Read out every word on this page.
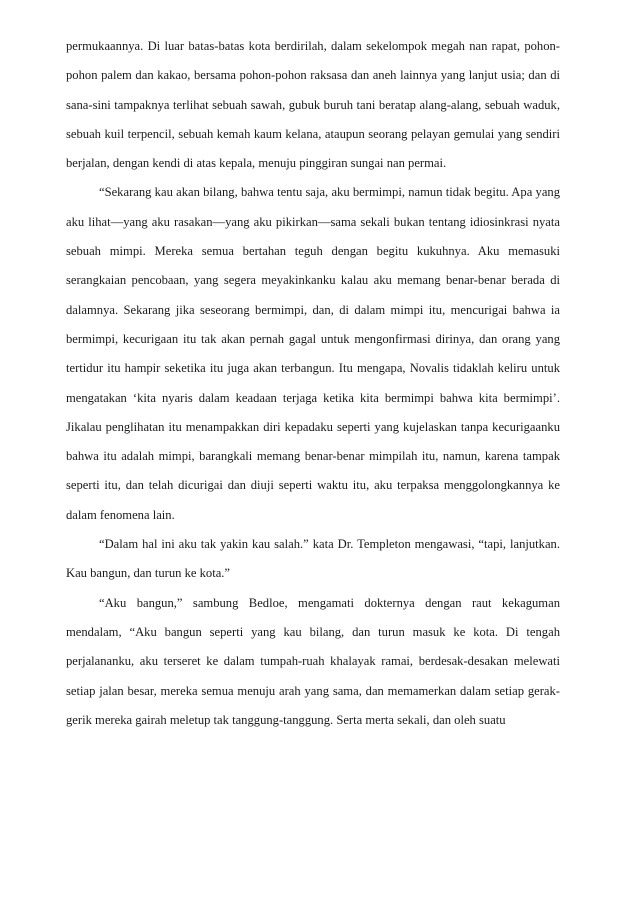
permukaannya. Di luar batas-batas kota berdirilah, dalam sekelompok megah nan rapat, pohon-pohon palem dan kakao, bersama pohon-pohon raksasa dan aneh lainnya yang lanjut usia; dan di sana-sini tampaknya terlihat sebuah sawah, gubuk buruh tani beratap alang-alang, sebuah waduk, sebuah kuil terpencil, sebuah kemah kaum kelana, ataupun seorang pelayan gemulai yang sendiri berjalan, dengan kendi di atas kepala, menuju pinggiran sungai nan permai.

“Sekarang kau akan bilang, bahwa tentu saja, aku bermimpi, namun tidak begitu. Apa yang aku lihat—yang aku rasakan—yang aku pikirkan—sama sekali bukan tentang idiosinkrasi nyata sebuah mimpi. Mereka semua bertahan teguh dengan begitu kukuhnya. Aku memasuki serangkaian pencobaan, yang segera meyakinkanku kalau aku memang benar-benar berada di dalamnya. Sekarang jika seseorang bermimpi, dan, di dalam mimpi itu, mencurigai bahwa ia bermimpi, kecurigaan itu tak akan pernah gagal untuk mengonfirmasi dirinya, dan orang yang tertidur itu hampir seketika itu juga akan terbangun. Itu mengapa, Novalis tidaklah keliru untuk mengatakan ‘kita nyaris dalam keadaan terjaga ketika kita bermimpi bahwa kita bermimpi’. Jikalau penglihatan itu menampakkan diri kepadaku seperti yang kujelaskan tanpa kecurigaanku bahwa itu adalah mimpi, barangkali memang benar-benar mimpilah itu, namun, karena tampak seperti itu, dan telah dicurigai dan diuji seperti waktu itu, aku terpaksa menggolongkannya ke dalam fenomena lain.

“Dalam hal ini aku tak yakin kau salah.” kata Dr. Templeton mengawasi, “tapi, lanjutkan. Kau bangun, dan turun ke kota.”

“Aku bangun,” sambung Bedloe, mengamati dokternya dengan raut kekaguman mendalam, “Aku bangun seperti yang kau bilang, dan turun masuk ke kota. Di tengah perjalananku, aku terseret ke dalam tumpah-ruah khalayak ramai, berdesak-desakan melewati setiap jalan besar, mereka semua menuju arah yang sama, dan memamerkan dalam setiap gerak-gerik mereka gairah meletup tak tanggung-tanggung. Serta merta sekali, dan oleh suatu
